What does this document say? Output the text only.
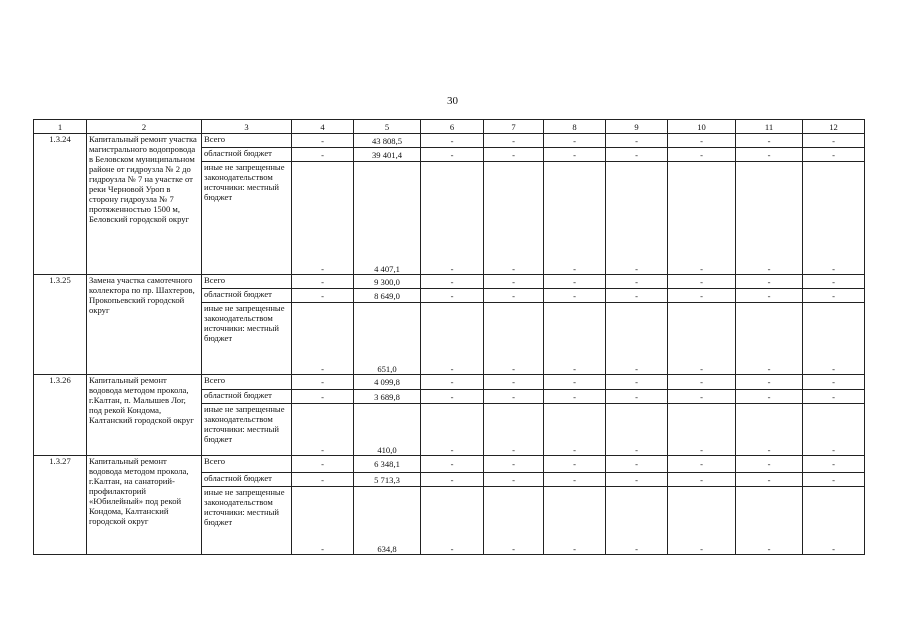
30
1	2	3	4	5	6	7	8	9	10	11	12
1.3.24	Капитальный ремонт участка магистрального водопровода в Беловском муниципальном районе от гидроузла № 2 до гидроузла № 7 на участке от реки Черновой Уроп в сторону гидроузла № 7 протяженностью 1500 м, Беловский городской округ	Всего	-	43 808,5	-	-	-	-	-	-	-
		областной бюджет	-	39 401,4	-	-	-	-	-	-	-
		иные не запрещенные законодательством источники: местный бюджет	-	4 407,1	-	-	-	-	-	-	-
1.3.25	Замена участка самотечного коллектора по пр. Шахтеров, Прокопьевский городской округ	Всего	-	9 300,0	-	-	-	-	-	-	-
		областной бюджет	-	8 649,0	-	-	-	-	-	-	-
		иные не запрещенные законодательством источники: местный бюджет	-	651,0	-	-	-	-	-	-	-
1.3.26	Капитальный ремонт водовода методом прокола, г.Калтан, п. Малышев Лог, под рекой Кондома, Калтанский городской округ	Всего	-	4 099,8	-	-	-	-	-	-	-
		областной бюджет	-	3 689,8	-	-	-	-	-	-	-
		иные не запрещенные законодательством источники: местный бюджет	-	410,0	-	-	-	-	-	-	-
1.3.27	Капитальный ремонт водовода методом прокола, г.Калтан, на санаторий-профилакторий «Юбилейный» под рекой Кондома, Калтанский городской округ	Всего	-	6 348,1	-	-	-	-	-	-	-
		областной бюджет	-	5 713,3	-	-	-	-	-	-	-
		иные не запрещенные законодательством источники: местный бюджет	-	634,8	-	-	-	-	-	-	-
